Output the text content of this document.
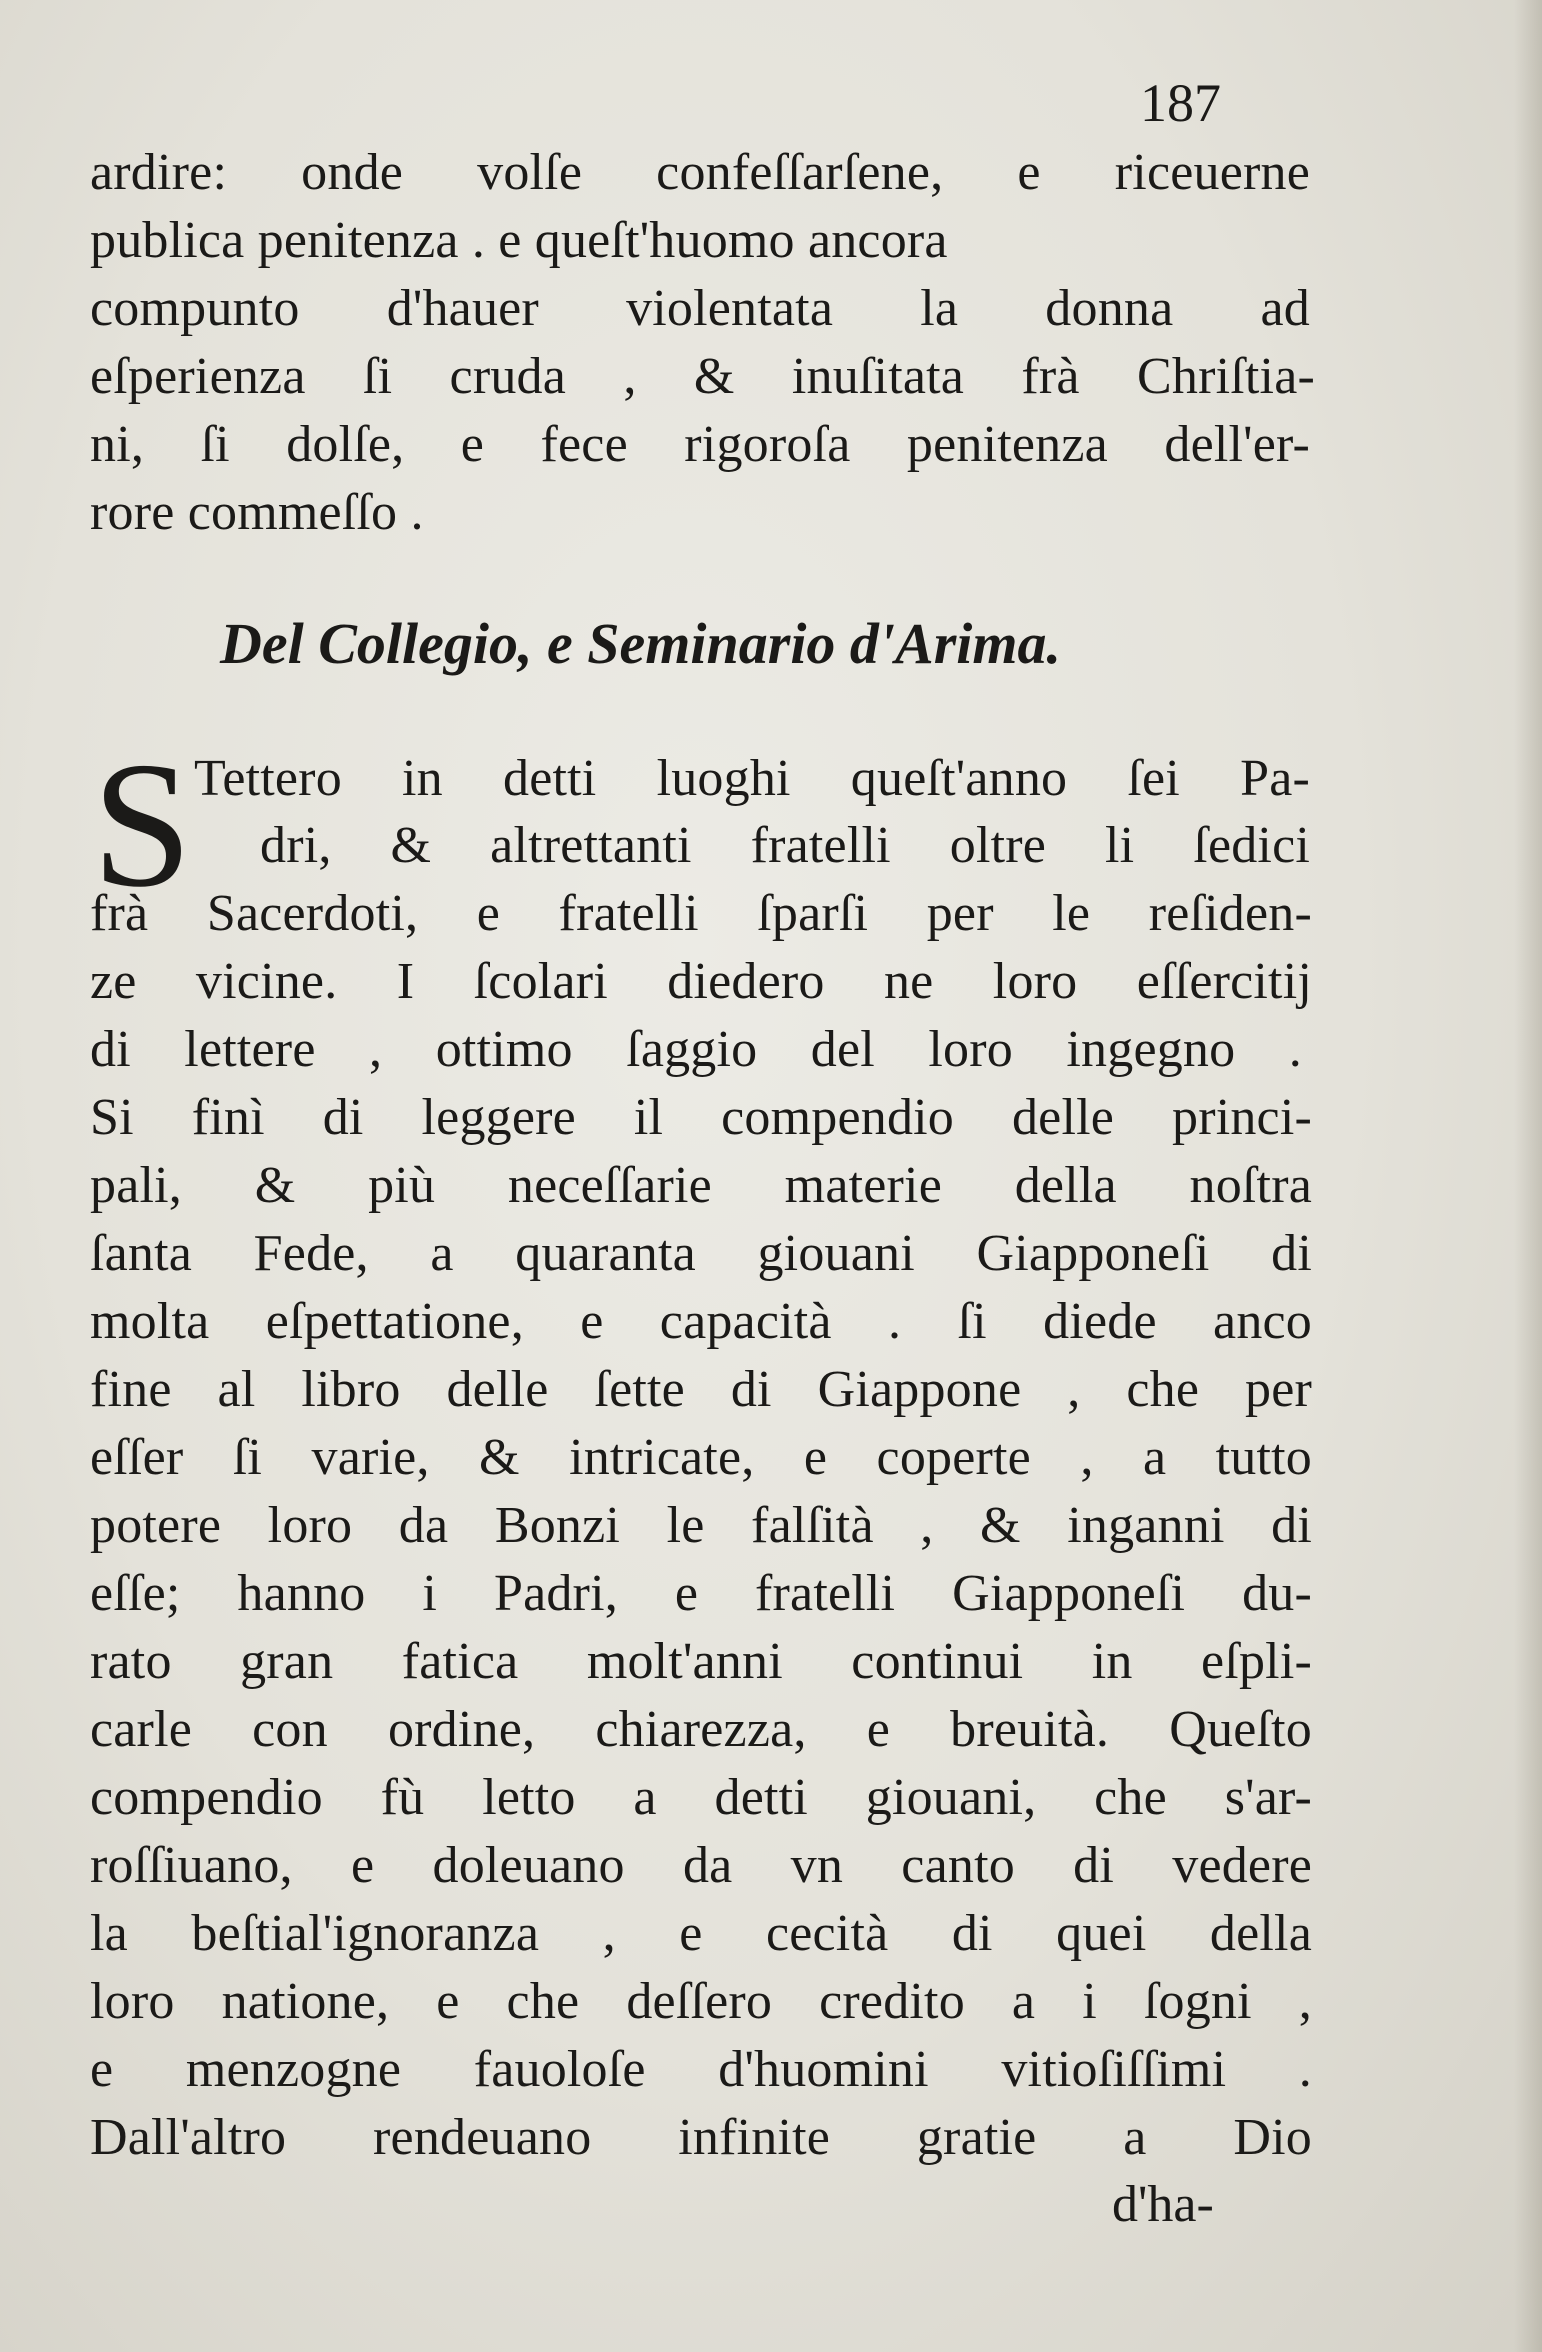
187
ardire: onde volſe confeſſarſene, e riceuerne
publica penitenza . e queſt'huomo ancora
compunto d'hauer violentata la donna ad
eſperienza ſi cruda , & inuſitata frà Chriſtia-
ni, ſi dolſe, e fece rigoroſa penitenza dell'er-
rore commeſſo .
Del Collegio, e Seminario d'Arima.
S Tettero in detti luoghi queſt'anno ſei Pa-
dri, & altrettanti fratelli oltre li ſedici
frà Sacerdoti, e fratelli ſparſi per le reſiden-
ze vicine. I ſcolari diedero ne loro eſſercitij
di lettere , ottimo ſaggio del loro ingegno .
Si finì di leggere il compendio delle princi-
pali, & più neceſſarie materie della noſtra
ſanta Fede, a quaranta giouani Giapponeſi di
molta eſpettatione, e capacità . ſi diede anco
fine al libro delle ſette di Giappone , che per
eſſer ſi varie, & intricate, e coperte , a tutto
potere loro da Bonzi le falſità , & inganni di
eſſe; hanno i Padri, e fratelli Giapponeſi du-
rato gran fatica molt'anni continui in eſpli-
carle con ordine, chiarezza, e breuità. Queſto
compendio fù letto a detti giouani, che s'ar-
roſſiuano, e doleuano da vn canto di vedere
la beſtial'ignoranza , e cecità di quei della
loro natione, e che deſſero credito a i ſogni ,
e menzogne fauoloſe d'huomini vitioſiſſimi .
Dall'altro rendeuano infinite gratie a Dio
d'ha-
